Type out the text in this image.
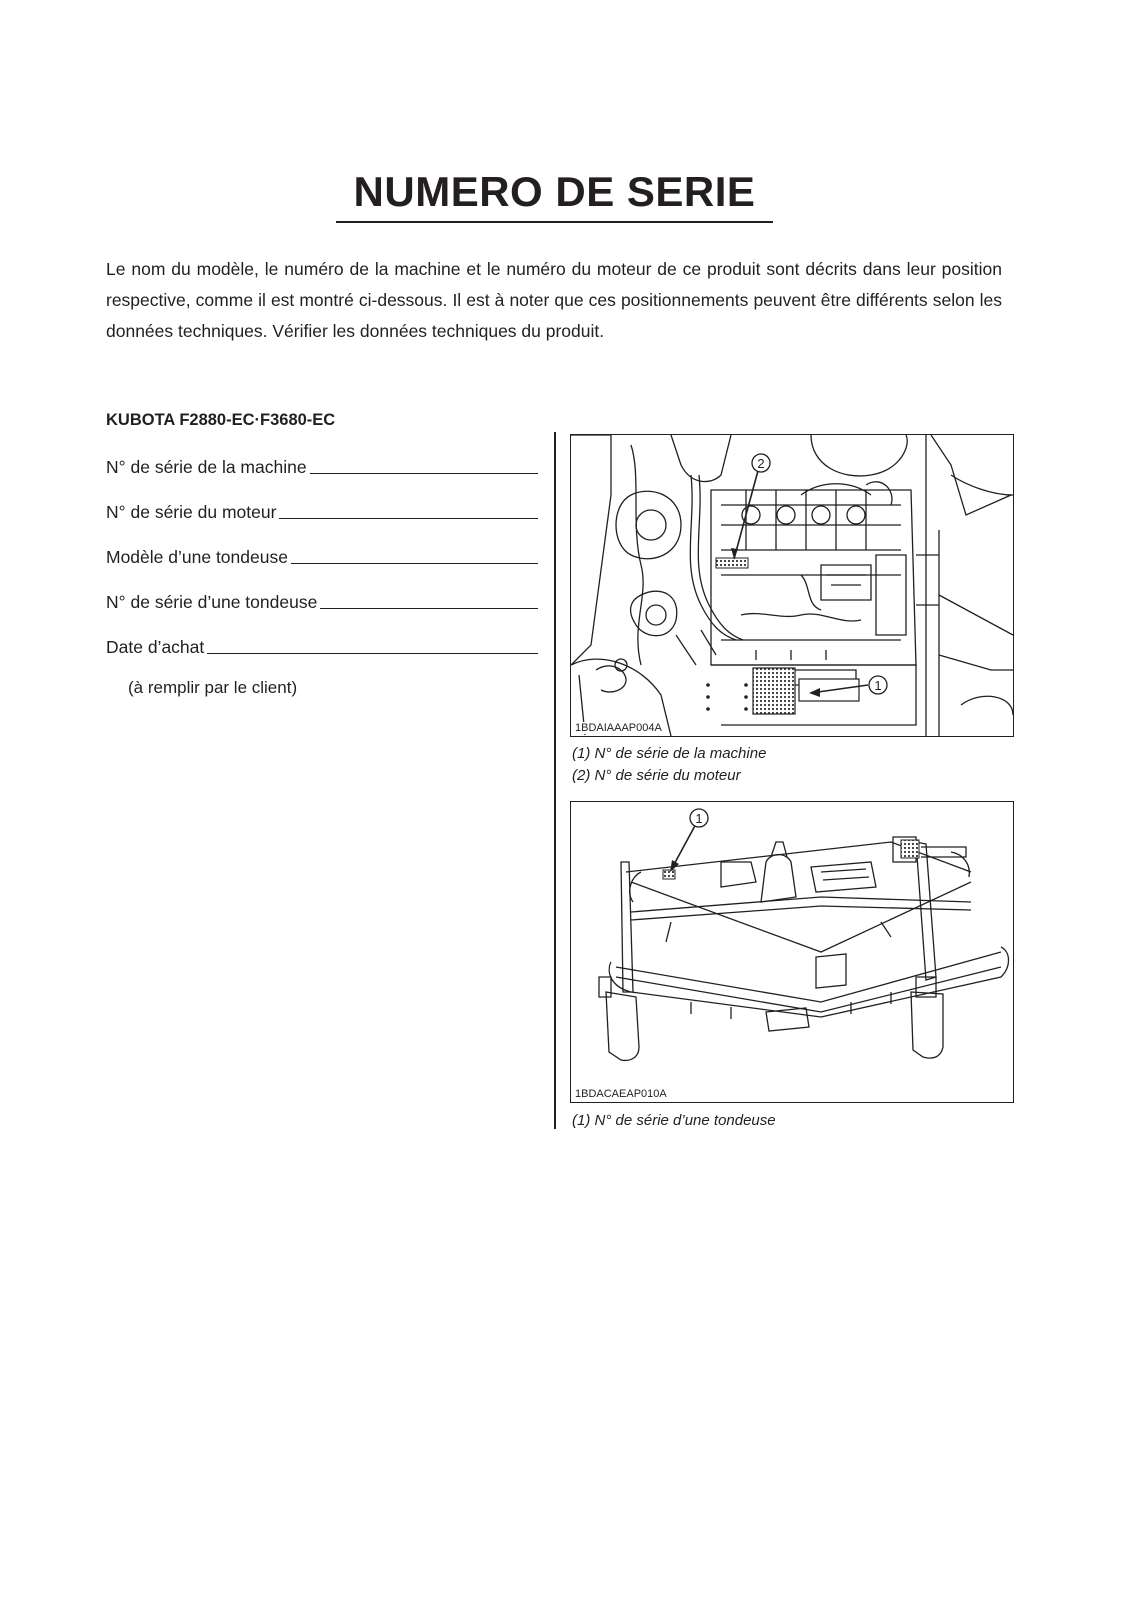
NUMERO DE SERIE

Le nom du modèle, le numéro de la machine et le numéro du moteur de ce produit sont décrits dans leur position respective, comme il est montré ci-dessous. Il est à noter que ces positionnements peuvent être différents selon les données techniques. Vérifier les données techniques du produit.

KUBOTA F2880-EC·F3680-EC
N° de série de la machine
N° de série du moteur
Modèle d’une tondeuse
N° de série d’une tondeuse
Date d’achat
(à remplir par le client)
2
1
1BDAIAAAP004A
(1) N° de série de la machine
(2) N° de série du moteur
1
1BDACAEAP010A
(1) N° de série d’une tondeuse
